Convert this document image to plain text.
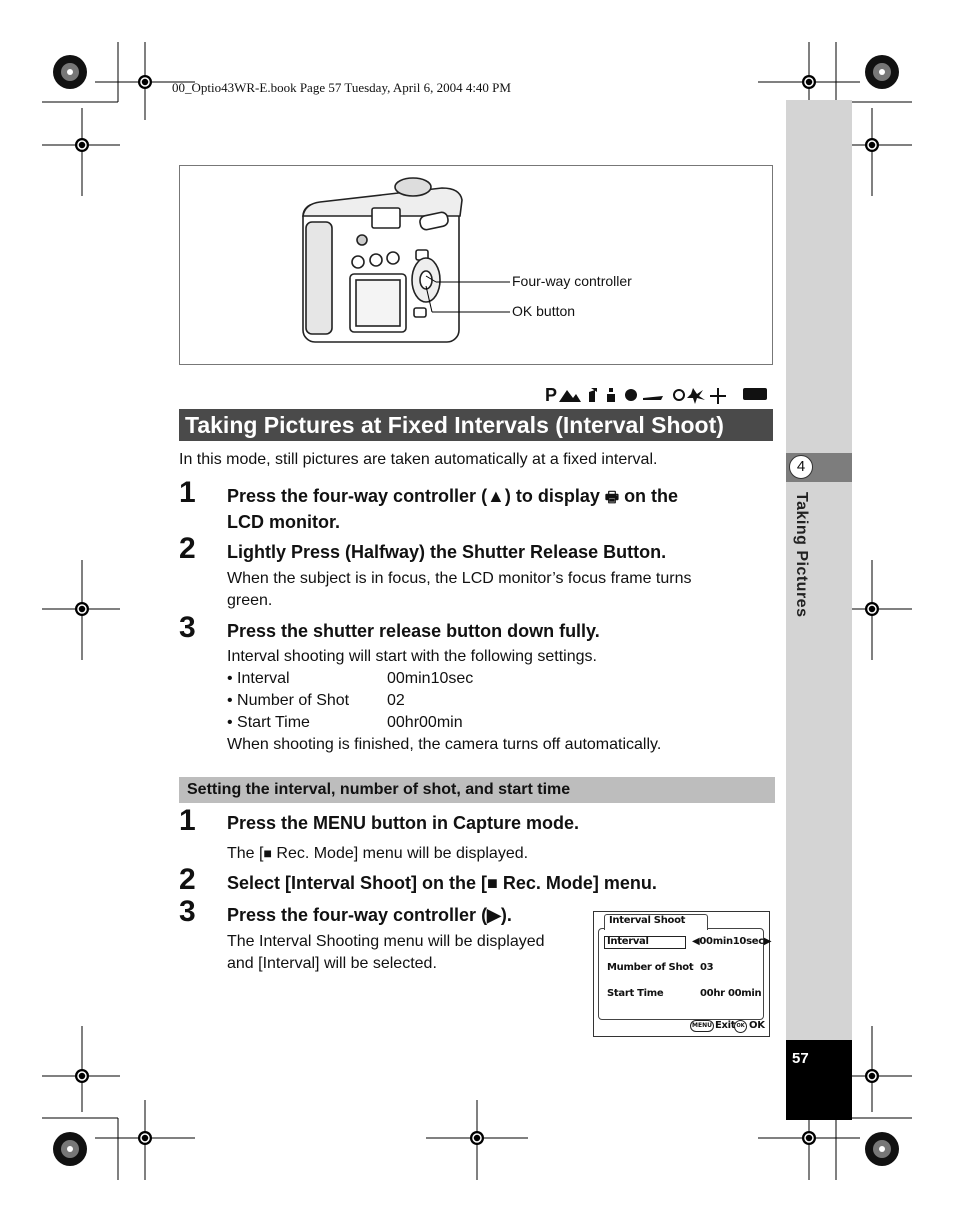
00_Optio43WR-E.book Page 57 Tuesday, April 6, 2004 4:40 PM
4
Taking Pictures
57
Four-way controller
OK button
P
Taking Pictures at Fixed Intervals (Interval Shoot)
In this mode, still pictures are taken automatically at a fixed interval.
1 Press the four-way controller (▲) to display 🖶 on the
LCD monitor.
2 Lightly Press (Halfway) the Shutter Release Button.
When the subject is in focus, the LCD monitor’s focus frame turns
green.
3 Press the shutter release button down fully.
Interval shooting will start with the following settings.
• Interval	00min10sec
• Number of Shot 02
• Start Time	00hr00min
When shooting is finished, the camera turns off automatically.
Setting the interval, number of shot, and start time
1 Press the MENU button in Capture mode.
The [■ Rec. Mode] menu will be displayed.
2 Select [Interval Shoot] on the [■ Rec. Mode] menu.
3 Press the four-way controller (▶).
The Interval Shooting menu will be displayed
and [Interval] will be selected.
Interval Shoot
Interval	◀00min10sec▶
Mumber of Shot 03
Start Time	00hr 00min
MENU Exit OK OK
